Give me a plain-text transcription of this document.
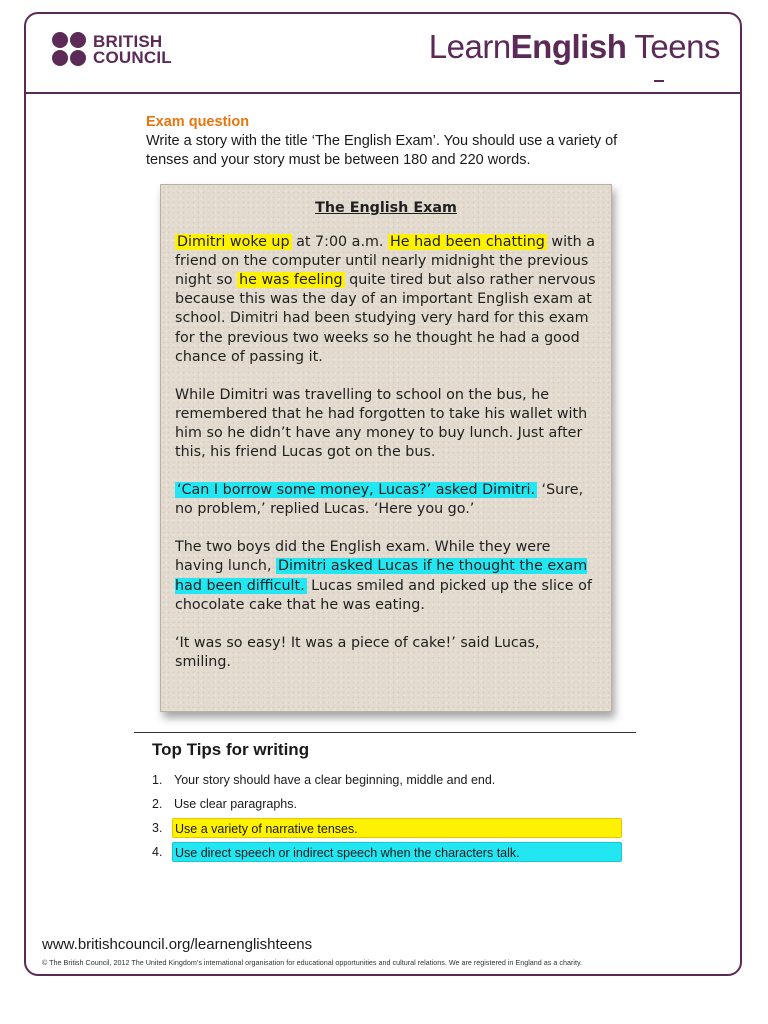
BRITISH
COUNCIL	LearnEnglish Teens
Exam question
Write a story with the title ‘The English Exam’. You should use a variety of tenses and your story must be between 180 and 220 words.
The English Exam

Dimitri woke up at 7:00 a.m. He had been chatting with a friend on the computer until nearly midnight the previous night so he was feeling quite tired but also rather nervous because this was the day of an important English exam at school. Dimitri had been studying very hard for this exam for the previous two weeks so he thought he had a good chance of passing it.

While Dimitri was travelling to school on the bus, he remembered that he had forgotten to take his wallet with him so he didn’t have any money to buy lunch. Just after this, his friend Lucas got on the bus.

‘Can I borrow some money, Lucas?’ asked Dimitri. ‘Sure, no problem,’ replied Lucas. ‘Here you go.’

The two boys did the English exam. While they were having lunch, Dimitri asked Lucas if he thought the exam had been difficult. Lucas smiled and picked up the slice of chocolate cake that he was eating.

‘It was so easy! It was a piece of cake!’ said Lucas, smiling.

Top Tips for writing
1. Your story should have a clear beginning, middle and end.
2. Use clear paragraphs.
3.	Use a variety of narrative tenses.
4.	Use direct speech or indirect speech when the characters talk.
www.britishcouncil.org/learnenglishteens
© The British Council, 2012 The United Kingdom’s international organisation for educational opportunities and cultural relations. We are registered in England as a charity.
